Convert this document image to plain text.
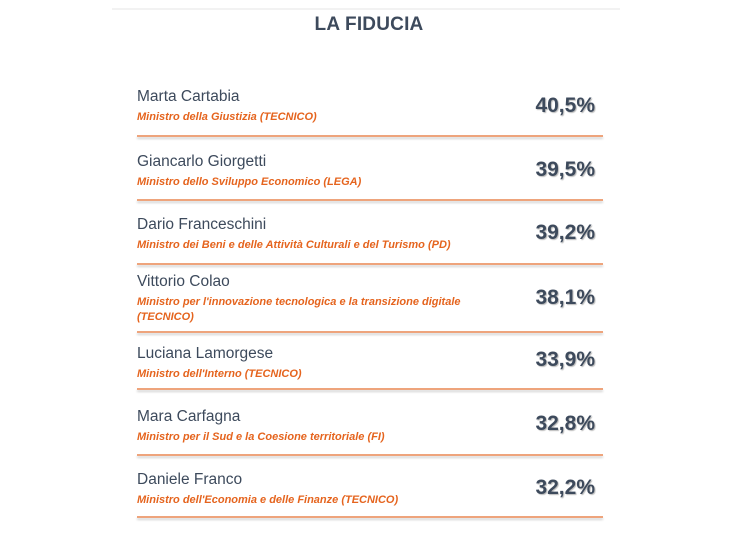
LA FIDUCIA
Marta Cartabia
Ministro della Giustizia (TECNICO)	40,5%
Giancarlo Giorgetti
Ministro dello Sviluppo Economico (LEGA)
39,5%
Dario Franceschini
Ministro dei Beni e delle Attività Culturali e del Turismo (PD)
39,2%
Vittorio Colao
Ministro per l'innovazione tecnologica e la transizione digitale (TECNICO)
38,1%
Luciana Lamorgese
Ministro dell'Interno (TECNICO)
33,9%
Mara Carfagna
Ministro per il Sud e la Coesione territoriale (FI)
32,8%
Daniele Franco
Ministro dell'Economia e delle Finanze (TECNICO)
32,2%
